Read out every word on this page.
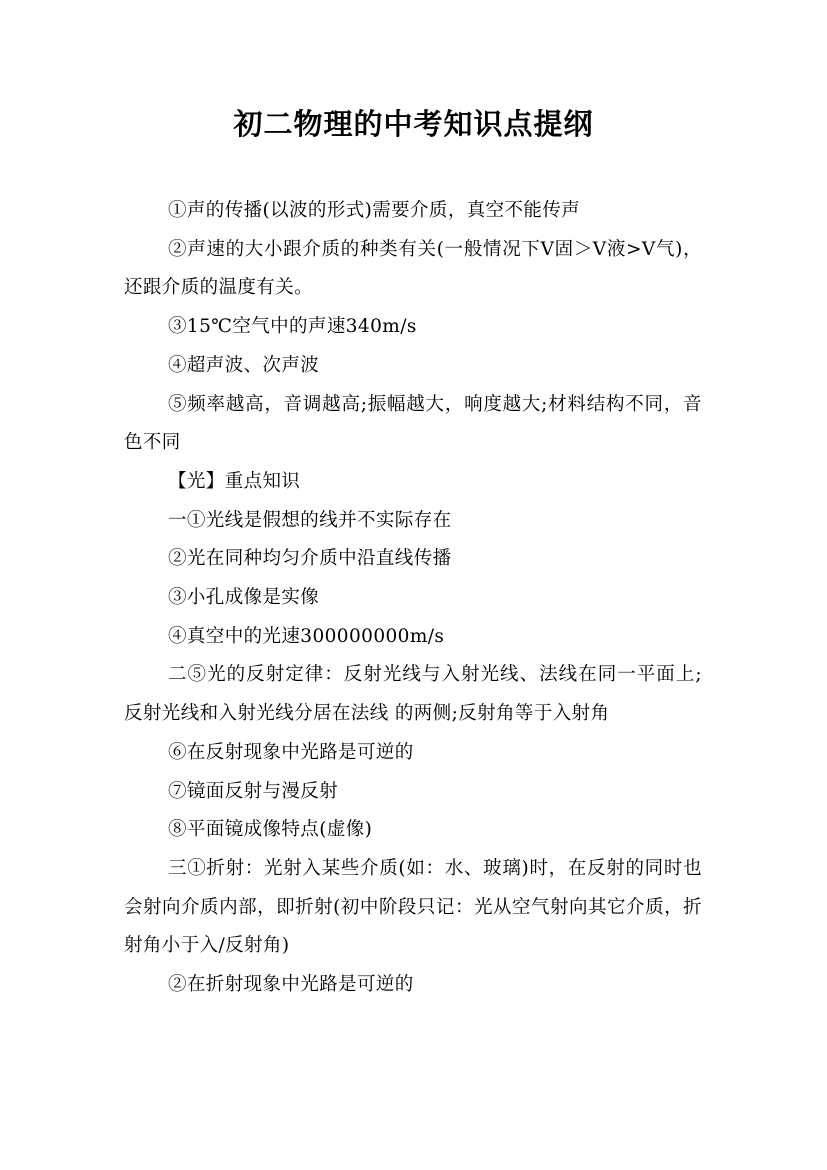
初二物理的中考知识点提纲

①声的传播(以波的形式)需要介质，真空不能传声

②声速的大小跟介质的种类有关(一般情况下V固＞V液>V气)，还跟介质的温度有关。

③15℃空气中的声速340m/s

④超声波、次声波

⑤频率越高，音调越高;振幅越大，响度越大;材料结构不同，音色不同

【光】重点知识

一①光线是假想的线并不实际存在

②光在同种均匀介质中沿直线传播

③小孔成像是实像

④真空中的光速300000000m/s

二⑤光的反射定律：反射光线与入射光线、法线在同一平面上;反射光线和入射光线分居在法线 的两侧;反射角等于入射角

⑥在反射现象中光路是可逆的

⑦镜面反射与漫反射

⑧平面镜成像特点(虚像)

三①折射：光射入某些介质(如：水、玻璃)时，在反射的同时也会射向介质内部，即折射(初中阶段只记：光从空气射向其它介质，折射角小于入/反射角)

②在折射现象中光路是可逆的
